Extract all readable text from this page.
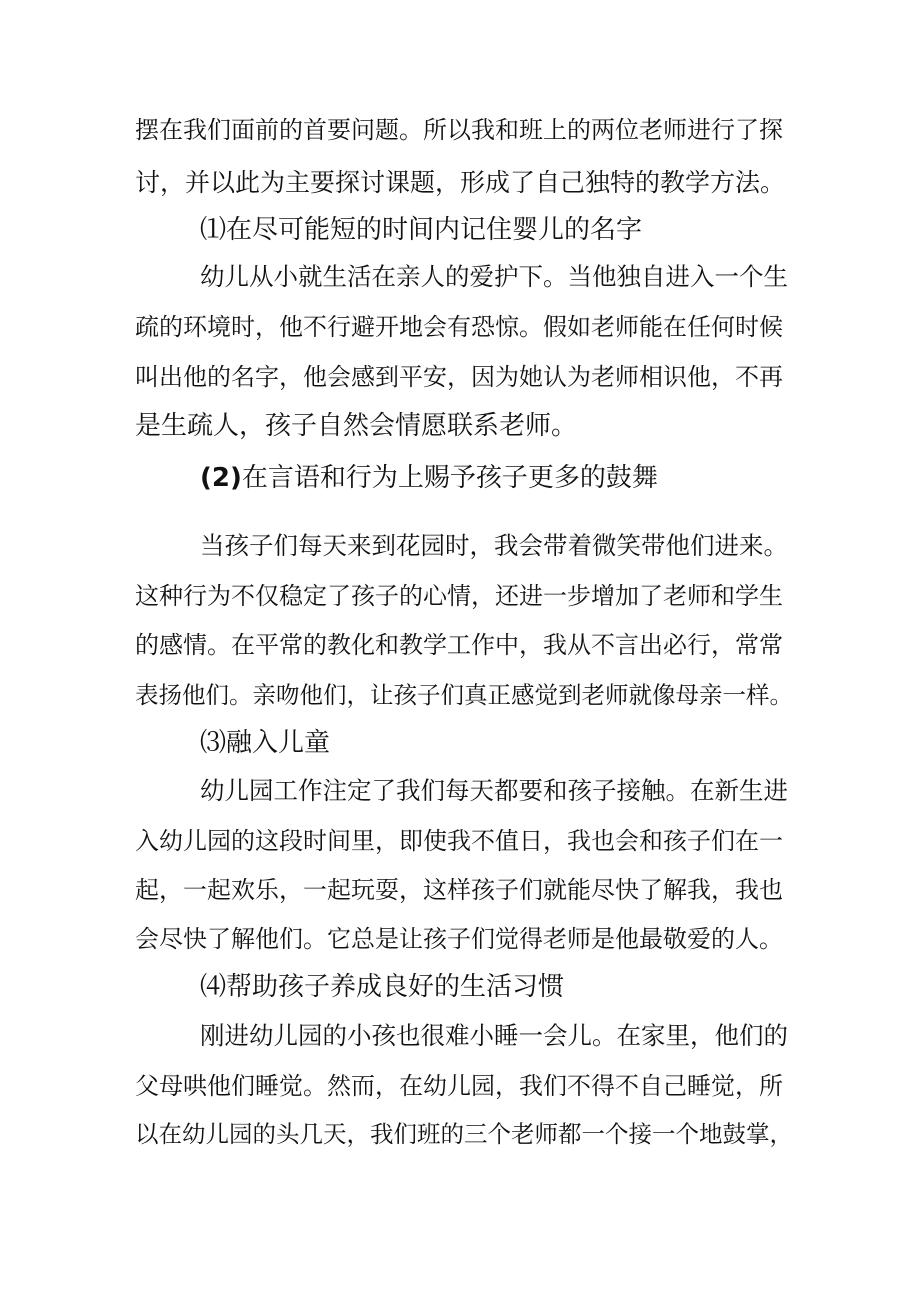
摆在我们面前的首要问题。所以我和班上的两位老师进行了探
讨，并以此为主要探讨课题，形成了自己独特的教学方法。
⑴在尽可能短的时间内记住婴儿的名字
幼儿从小就生活在亲人的爱护下。当他独自进入一个生
疏的环境时，他不行避开地会有恐惊。假如老师能在任何时候
叫出他的名字，他会感到平安，因为她认为老师相识他，不再
是生疏人，孩子自然会情愿联系老师。
(2)在言语和行为上赐予孩子更多的鼓舞
当孩子们每天来到花园时，我会带着微笑带他们进来。
这种行为不仅稳定了孩子的心情，还进一步增加了老师和学生
的感情。在平常的教化和教学工作中，我从不言出必行，常常
表扬他们。亲吻他们，让孩子们真正感觉到老师就像母亲一样。
⑶融入儿童
幼儿园工作注定了我们每天都要和孩子接触。在新生进
入幼儿园的这段时间里，即使我不值日，我也会和孩子们在一
起，一起欢乐，一起玩耍，这样孩子们就能尽快了解我，我也
会尽快了解他们。它总是让孩子们觉得老师是他最敬爱的人。
⑷帮助孩子养成良好的生活习惯
刚进幼儿园的小孩也很难小睡一会儿。在家里，他们的
父母哄他们睡觉。然而，在幼儿园，我们不得不自己睡觉，所
以在幼儿园的头几天，我们班的三个老师都一个接一个地鼓掌，
